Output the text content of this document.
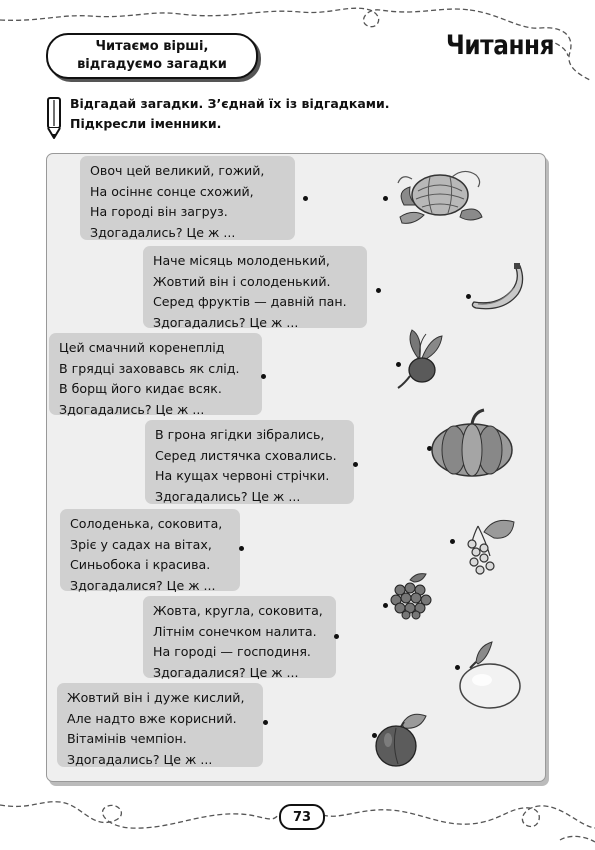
Читаємо вірші,
відгадуємо загадки
Читання
Відгадай загадки. З’єднай їх із відгадками.
Підкресли іменники.
Овоч цей великий, гожий,
На осіннє сонце схожий,
На городі він загруз.
Здогадались? Це ж ...
Наче місяць молоденький,
Жовтий він і солоденький.
Серед фруктів — давній пан.
Здогадались? Це ж ...
Цей смачний коренеплід
В грядці заховавсь як слід.
В борщ його кидає всяк.
Здогадались? Це ж ...
В грона ягідки зібрались,
Серед листячка сховались.
На кущах червоні стрічки.
Здогадались? Це ж ...
Солоденька, соковита,
Зріє у садах на вітах,
Синьобока і красива.
Здогадалися? Це ж ...
Жовта, кругла, соковита,
Літнім сонечком налита.
На городі — господиня.
Здогадалися? Це ж ...
Жовтий він і дуже кислий,
Але надто вже корисний.
Вітамінів чемпіон.
Здогадались? Це ж ...
73
